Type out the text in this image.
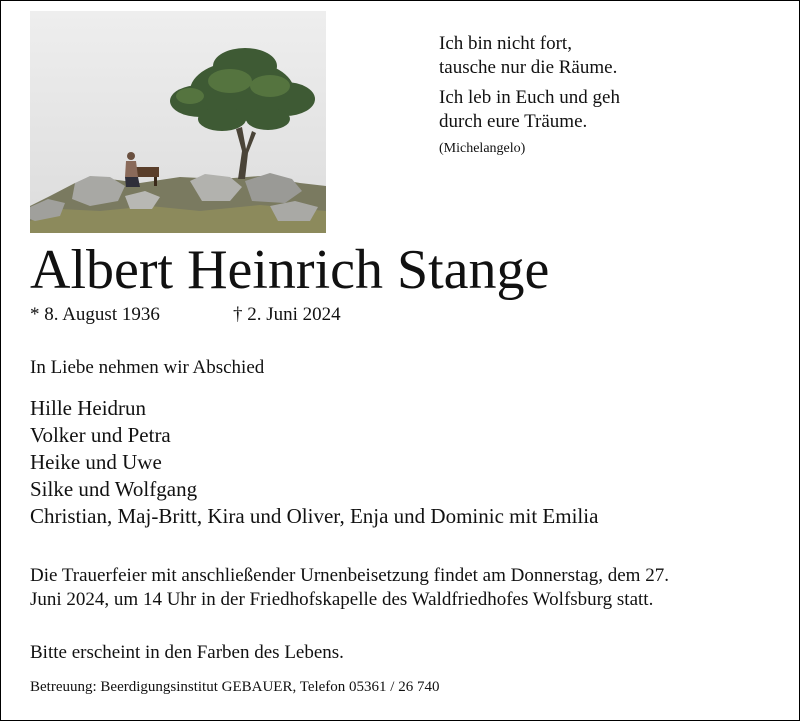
Ich bin nicht fort,
tausche nur die Räume.
Ich leb in Euch und geh
durch eure Träume.
(Michelangelo)
Albert Heinrich Stange
* 8. August 1936	† 2. Juni 2024
In Liebe nehmen wir Abschied
Hille Heidrun
Volker und Petra
Heike und Uwe
Silke und Wolfgang
Christian, Maj-Britt, Kira und Oliver, Enja und Dominic mit Emilia
Die Trauerfeier mit anschließender Urnenbeisetzung findet am Donnerstag, dem 27. Juni 2024, um 14 Uhr in der Friedhofskapelle des Waldfriedhofes Wolfsburg statt.
Bitte erscheint in den Farben des Lebens.
Betreuung: Beerdigungsinstitut GEBAUER, Telefon 05361 / 26 740
